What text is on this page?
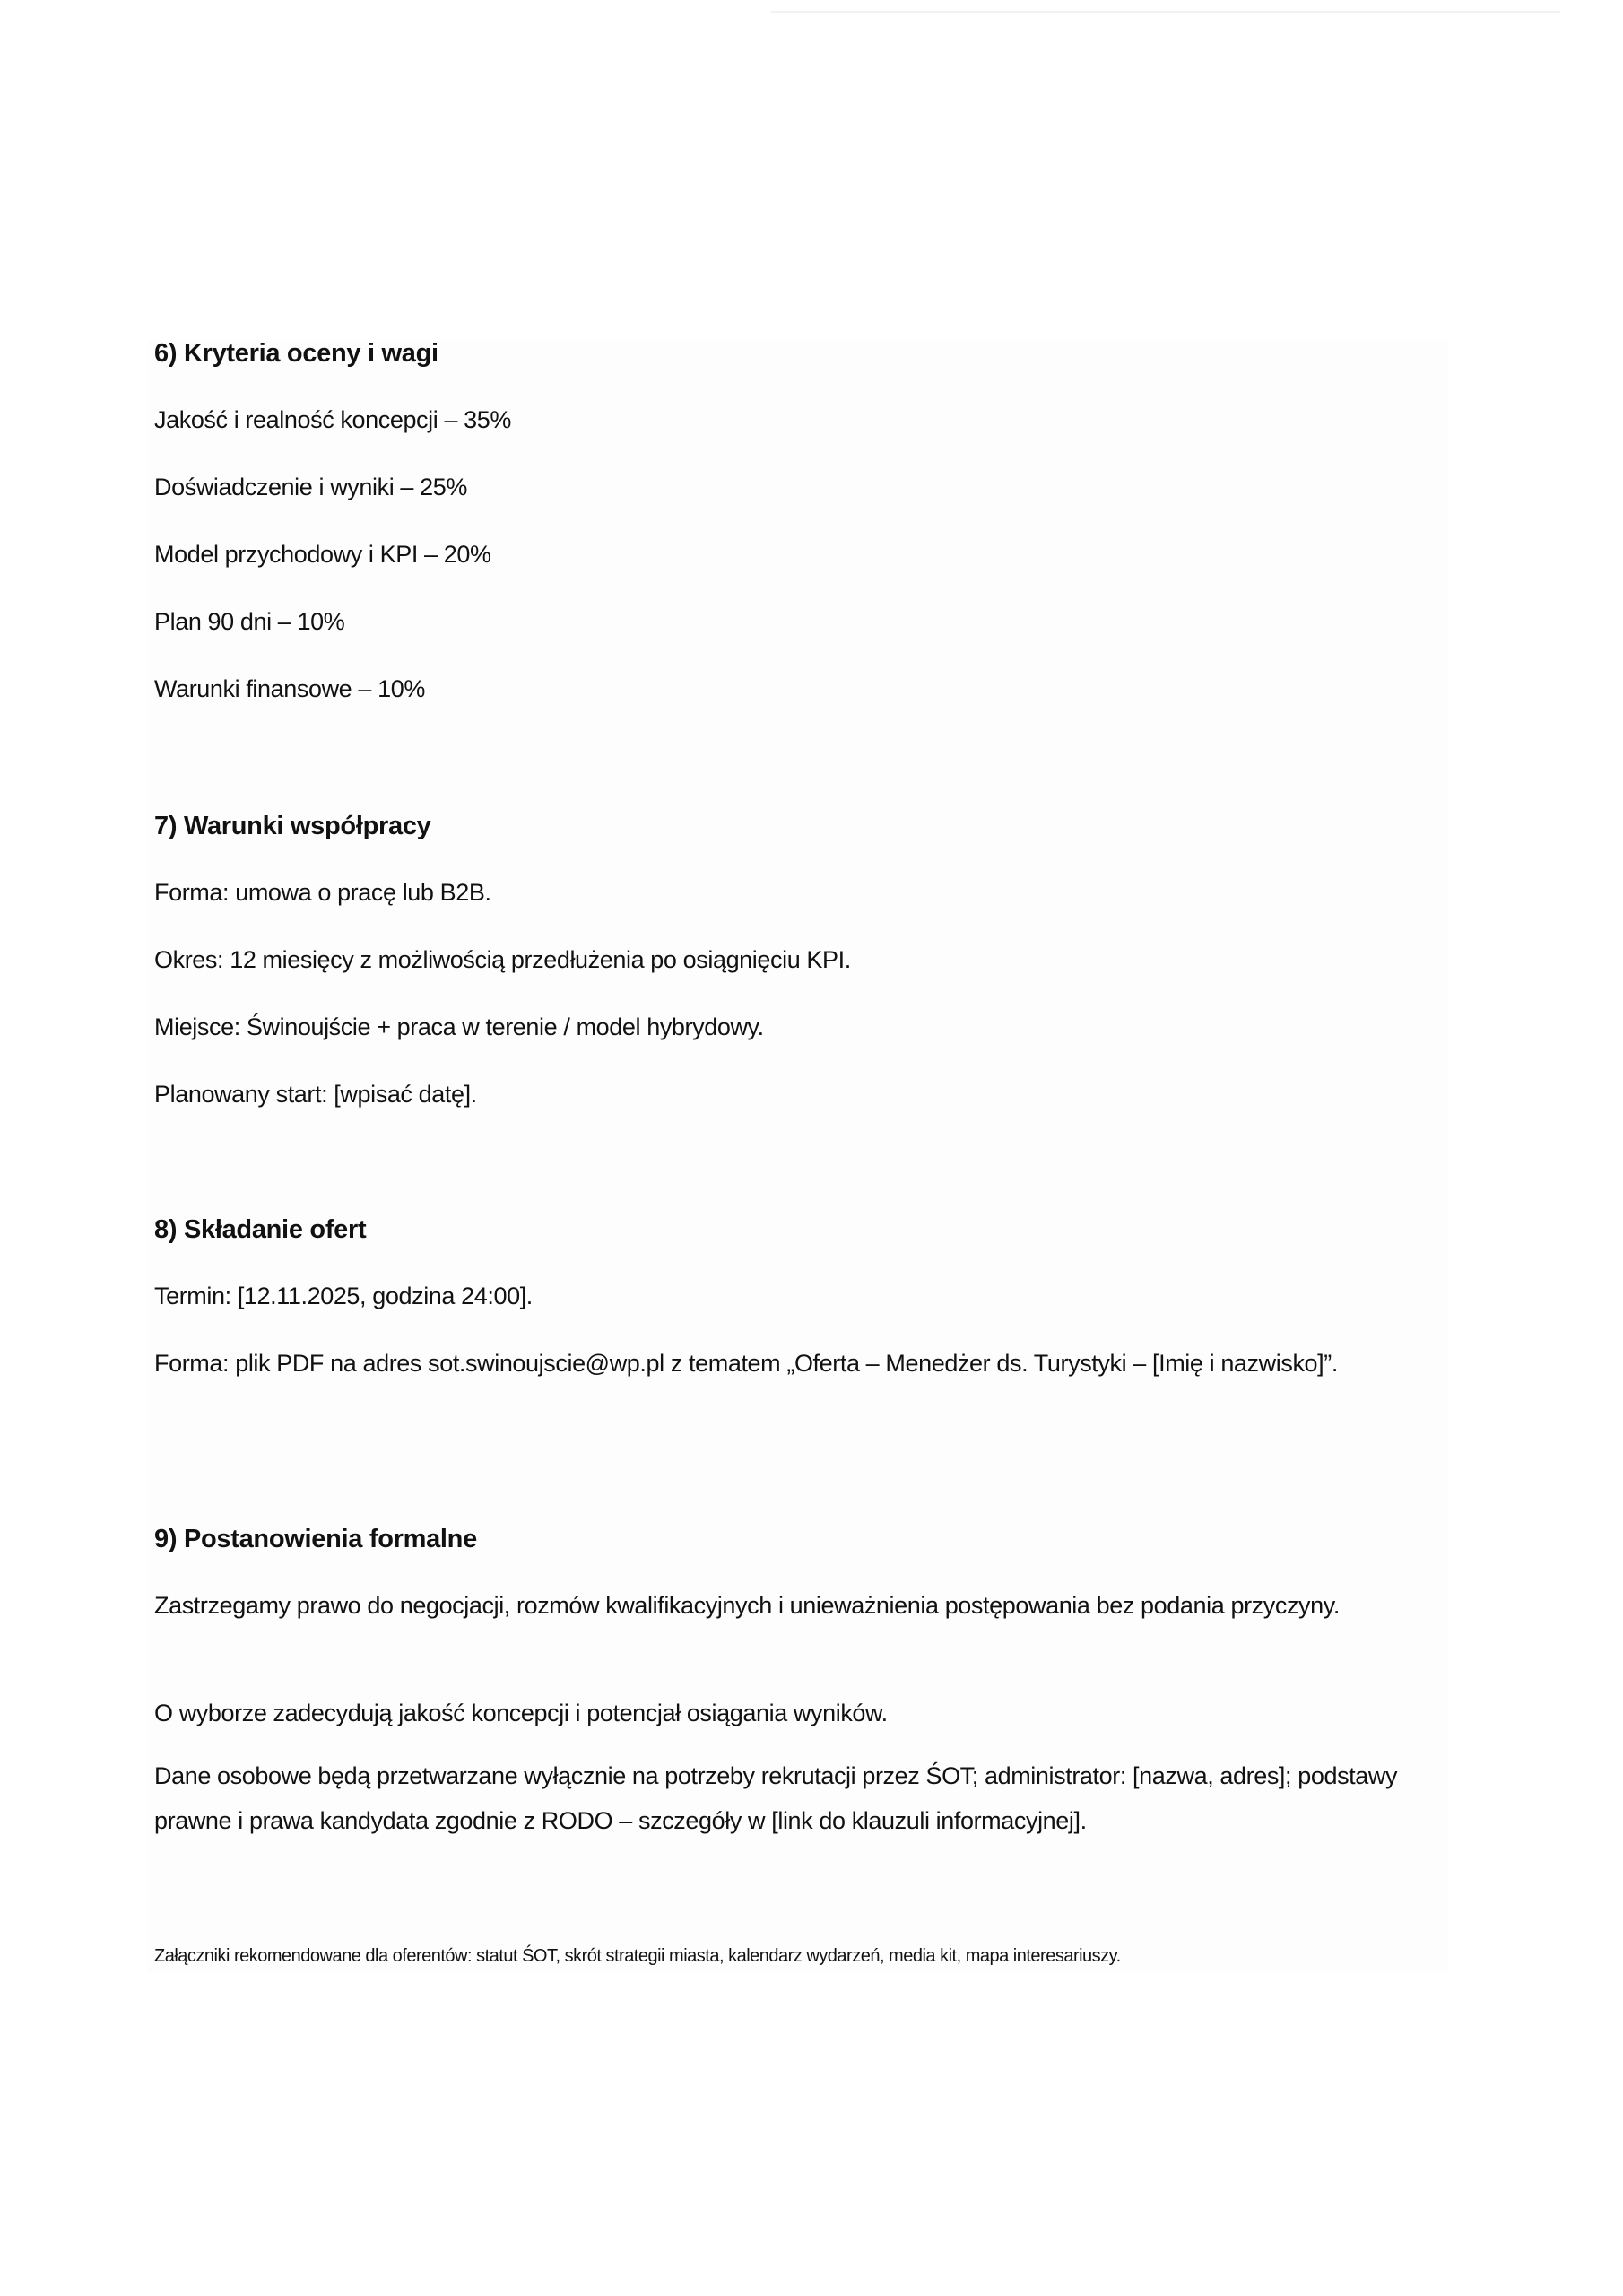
6) Kryteria oceny i wagi

Jakość i realność koncepcji – 35%

Doświadczenie i wyniki – 25%

Model przychodowy i KPI – 20%

Plan 90 dni – 10%

Warunki finansowe – 10%

7) Warunki współpracy

Forma: umowa o pracę lub B2B.

Okres: 12 miesięcy z możliwością przedłużenia po osiągnięciu KPI.

Miejsce: Świnoujście + praca w terenie / model hybrydowy.

Planowany start: [wpisać datę].

8) Składanie ofert

Termin: [12.11.2025, godzina 24:00].

Forma: plik PDF na adres sot.swinoujscie@wp.pl z tematem „Oferta – Menedżer ds. Turystyki – [Imię i nazwisko]”.

9) Postanowienia formalne

Zastrzegamy prawo do negocjacji, rozmów kwalifikacyjnych i unieważnienia postępowania bez podania przyczyny.

O wyborze zadecydują jakość koncepcji i potencjał osiągania wyników.

Dane osobowe będą przetwarzane wyłącznie na potrzeby rekrutacji przez ŚOT; administrator: [nazwa, adres]; podstawy prawne i prawa kandydata zgodnie z RODO – szczegóły w [link do klauzuli informacyjnej].

Załączniki rekomendowane dla oferentów: statut ŚOT, skrót strategii miasta, kalendarz wydarzeń, media kit, mapa interesariuszy.
